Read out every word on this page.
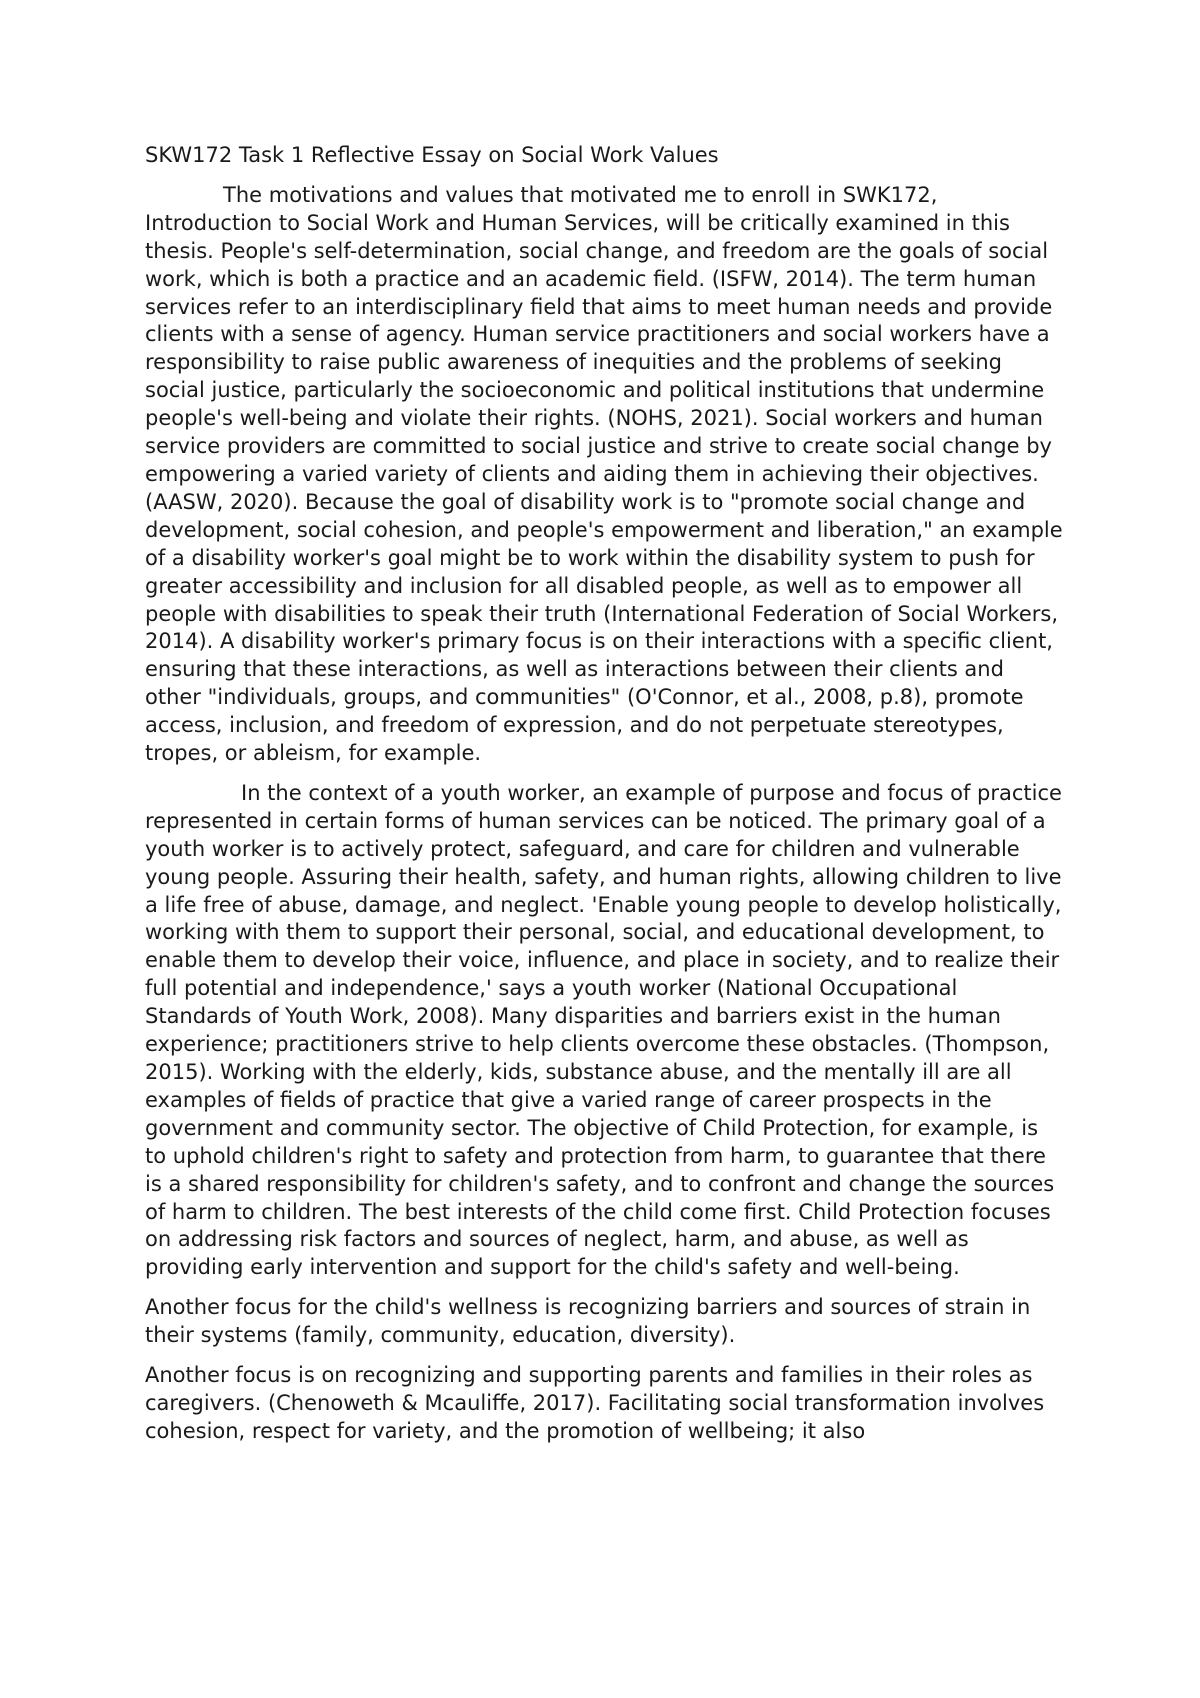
SKW172 Task 1 Reflective Essay on Social Work Values

The motivations and values that motivated me to enroll in SWK172, Introduction to Social Work and Human Services, will be critically examined in this thesis. People's self-determination, social change, and freedom are the goals of social work, which is both a practice and an academic field. (ISFW, 2014). The term human services refer to an interdisciplinary field that aims to meet human needs and provide clients with a sense of agency. Human service practitioners and social workers have a responsibility to raise public awareness of inequities and the problems of seeking social justice, particularly the socioeconomic and political institutions that undermine people's well-being and violate their rights. (NOHS, 2021). Social workers and human service providers are committed to social justice and strive to create social change by empowering a varied variety of clients and aiding them in achieving their objectives. (AASW, 2020). Because the goal of disability work is to "promote social change and development, social cohesion, and people's empowerment and liberation," an example of a disability worker's goal might be to work within the disability system to push for greater accessibility and inclusion for all disabled people, as well as to empower all people with disabilities to speak their truth (International Federation of Social Workers, 2014). A disability worker's primary focus is on their interactions with a specific client, ensuring that these interactions, as well as interactions between their clients and other "individuals, groups, and communities" (O'Connor, et al., 2008, p.8), promote access, inclusion, and freedom of expression, and do not perpetuate stereotypes, tropes, or ableism, for example.

In the context of a youth worker, an example of purpose and focus of practice represented in certain forms of human services can be noticed. The primary goal of a youth worker is to actively protect, safeguard, and care for children and vulnerable young people. Assuring their health, safety, and human rights, allowing children to live a life free of abuse, damage, and neglect. 'Enable young people to develop holistically, working with them to support their personal, social, and educational development, to enable them to develop their voice, influence, and place in society, and to realize their full potential and independence,' says a youth worker (National Occupational Standards of Youth Work, 2008). Many disparities and barriers exist in the human experience; practitioners strive to help clients overcome these obstacles. (Thompson, 2015). Working with the elderly, kids, substance abuse, and the mentally ill are all examples of fields of practice that give a varied range of career prospects in the government and community sector. The objective of Child Protection, for example, is to uphold children's right to safety and protection from harm, to guarantee that there is a shared responsibility for children's safety, and to confront and change the sources of harm to children. The best interests of the child come first. Child Protection focuses on addressing risk factors and sources of neglect, harm, and abuse, as well as providing early intervention and support for the child's safety and well-being.

Another focus for the child's wellness is recognizing barriers and sources of strain in their systems (family, community, education, diversity).

Another focus is on recognizing and supporting parents and families in their roles as caregivers. (Chenoweth & Mcauliffe, 2017). Facilitating social transformation involves cohesion, respect for variety, and the promotion of wellbeing; it also
